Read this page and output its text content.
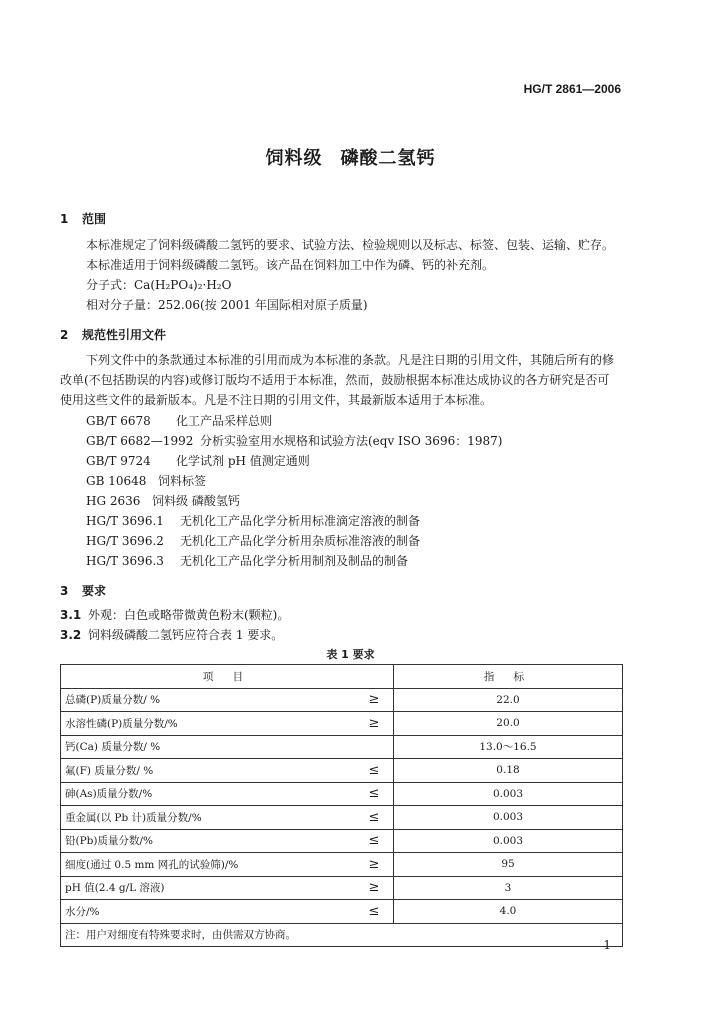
HG/T 2861—2006
饲料级 磷酸二氢钙
1 范围
本标准规定了饲料级磷酸二氢钙的要求、试验方法、检验规则以及标志、标签、包装、运输、贮存。
本标准适用于饲料级磷酸二氢钙。该产品在饲料加工中作为磷、钙的补充剂。
分子式：Ca(H₂PO₄)₂·H₂O
相对分子量：252.06(按 2001 年国际相对原子质量)
2 规范性引用文件
下列文件中的条款通过本标准的引用而成为本标准的条款。凡是注日期的引用文件，其随后所有的修改单(不包括勘误的内容)或修订版均不适用于本标准，然而，鼓励根据本标准达成协议的各方研究是否可使用这些文件的最新版本。凡是不注日期的引用文件，其最新版本适用于本标准。
GB/T 6678 化工产品采样总则
GB/T 6682—1992 分析实验室用水规格和试验方法(eqv ISO 3696：1987)
GB/T 9724 化学试剂 pH 值测定通则
GB 10648 饲料标签
HG 2636 饲料级 磷酸氢钙
HG/T 3696.1 无机化工产品化学分析用标准滴定溶液的制备
HG/T 3696.2 无机化工产品化学分析用杂质标准溶液的制备
HG/T 3696.3 无机化工产品化学分析用制剂及制品的制备
3 要求
3.1 外观：白色或略带微黄色粉末(颗粒)。
3.2 饲料级磷酸二氢钙应符合表 1 要求。
表 1 要求
项 目		指 标
总磷(P)质量分数/ %	≥	22.0
水溶性磷(P)质量分数/%	≥	20.0
钙(Ca) 质量分数/ %		13.0～16.5
氟(F) 质量分数/ %	≤	0.18
砷(As)质量分数/%	≤	0.003
重金属(以 Pb 计)质量分数/%	≤	0.003
铅(Pb)质量分数/%	≤	0.003
细度(通过 0.5 mm 网孔的试验筛)/%	≥	95
pH 值(2.4 g/L 溶液)	≥	3
水分/%	≤	4.0
注：用户对细度有特殊要求时，由供需双方协商。		
1
